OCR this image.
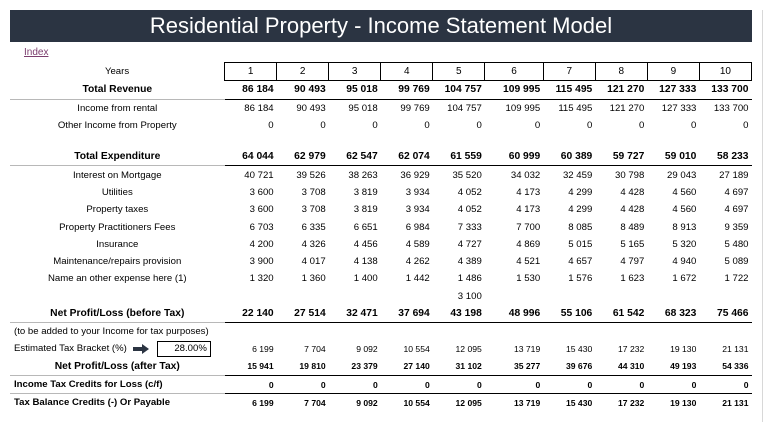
Residential Property - Income Statement Model
Index
Years	1	2	3	4	5	6	7	8	9	10
Total Revenue	86 184	90 493	95 018	99 769	104 757	109 995	115 495	121 270	127 333	133 700
Income from rental	86 184	90 493	95 018	99 769	104 757	109 995	115 495	121 270	127 333	133 700
Other Income from Property	0	0	0	0	0	0	0	0	0	0

Total Expenditure	64 044	62 979	62 547	62 074	61 559	60 999	60 389	59 727	59 010	58 233
Interest on Mortgage	40 721	39 526	38 263	36 929	35 520	34 032	32 459	30 798	29 043	27 189
Utilities	3 600	3 708	3 819	3 934	4 052	4 173	4 299	4 428	4 560	4 697
Property taxes	3 600	3 708	3 819	3 934	4 052	4 173	4 299	4 428	4 560	4 697
Property Practitioners Fees	6 703	6 335	6 651	6 984	7 333	7 700	8 085	8 489	8 913	9 359
Insurance	4 200	4 326	4 456	4 589	4 727	4 869	5 015	5 165	5 320	5 480
Maintenance/repairs provision	3 900	4 017	4 138	4 262	4 389	4 521	4 657	4 797	4 940	5 089
Name an other expense here (1)	1 320	1 360	1 400	1 442	1 486	1 530	1 576	1 623	1 672	1 722
					3 100					
Net Profit/Loss (before Tax)	22 140	27 514	32 471	37 694	43 198	48 996	55 106	61 542	68 323	75 466
(to be added to your Income for tax purposes)										
Estimated Tax Bracket (%) 28.00%	6 199	7 704	9 092	10 554	12 095	13 719	15 430	17 232	19 130	21 131
Net Profit/Loss (after Tax)	15 941	19 810	23 379	27 140	31 102	35 277	39 676	44 310	49 193	54 336
Income Tax Credits for Loss (c/f)	0	0	0	0	0	0	0	0	0	0
Tax Balance Credits (-) Or Payable	6 199	7 704	9 092	10 554	12 095	13 719	15 430	17 232	19 130	21 131
